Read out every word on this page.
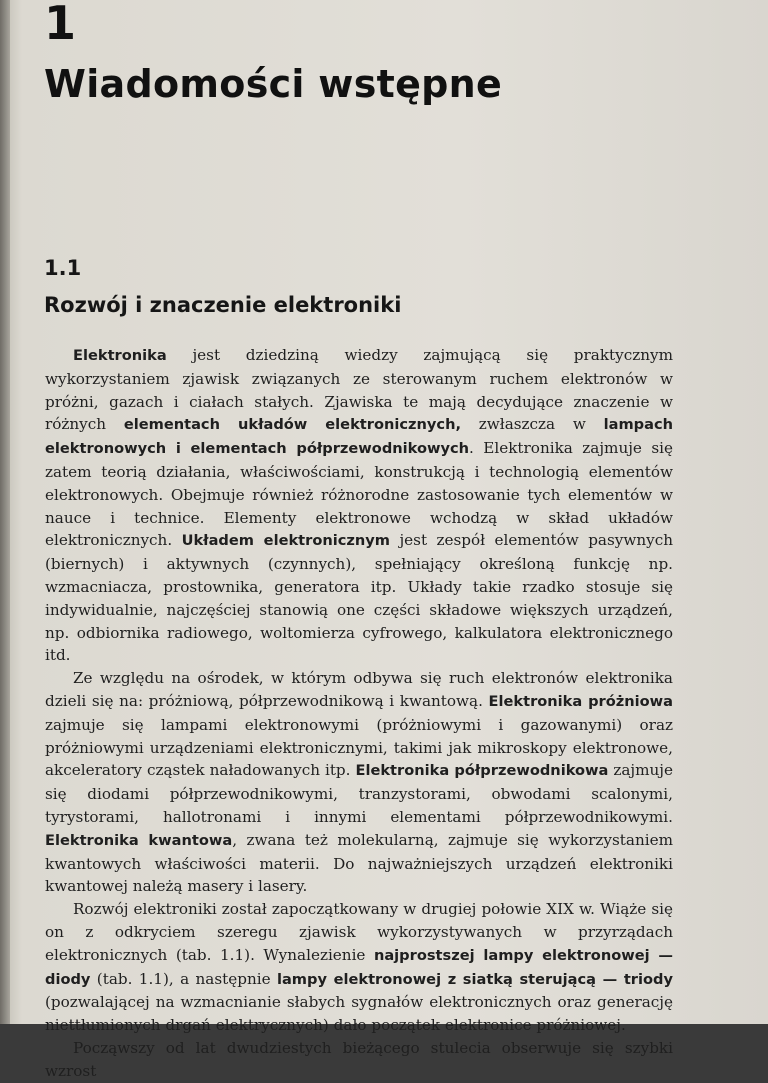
1
Wiadomości wstępne
1.1
Rozwój i znaczenie elektroniki

Elektronika jest dziedziną wiedzy zajmującą się praktycznym wykorzystaniem zjawisk związanych ze sterowanym ruchem elektronów w próżni, gazach i ciałach stałych. Zjawiska te mają decydujące znaczenie w różnych elementach układów elektronicznych, zwłaszcza w lampach elektronowych i elementach półprzewodnikowych. Elektronika zajmuje się zatem teorią działania, właściwościami, konstrukcją i technologią elementów elektronowych. Obejmuje również różnorodne zastosowanie tych elementów w nauce i technice. Elementy elektronowe wchodzą w skład układów elektronicznych. Układem elektronicznym jest zespół elementów pasywnych (biernych) i aktywnych (czynnych), spełniający określoną funkcję np. wzmacniacza, prostownika, generatora itp. Układy takie rzadko stosuje się indywidualnie, najczęściej stanowią one części składowe większych urządzeń, np. odbiornika radiowego, woltomierza cyfrowego, kalkulatora elektronicznego itd.

Ze względu na ośrodek, w którym odbywa się ruch elektronów elektronika dzieli się na: próżniową, półprzewodnikową i kwantową. Elektronika próżniowa zajmuje się lampami elektronowymi (próżniowymi i gazowanymi) oraz próżniowymi urządzeniami elektronicznymi, takimi jak mikroskopy elektronowe, akceleratory cząstek naładowanych itp. Elektronika półprzewodnikowa zajmuje się diodami półprzewodnikowymi, tranzystorami, obwodami scalonymi, tyrystorami, hallotronami i innymi elementami półprzewodnikowymi. Elektronika kwantowa, zwana też molekularną, zajmuje się wykorzystaniem kwantowych właściwości materii. Do najważniejszych urządzeń elektroniki kwantowej należą masery i lasery.

Rozwój elektroniki został zapoczątkowany w drugiej połowie XIX w. Wiąże się on z odkryciem szeregu zjawisk wykorzystywanych w przyrządach elektronicznych (tab. 1.1). Wynalezienie najprostszej lampy elektronowej — diody (tab. 1.1), a następnie lampy elektronowej z siatką sterującą — triody (pozwalającej na wzmacnianie słabych sygnałów elektronicznych oraz generację niettłumionych drgań elektrycznych) dało początek elektronice próżniowej.

Począwszy od lat dwudziestych bieżącego stulecia obserwuje się szybki wzrost
